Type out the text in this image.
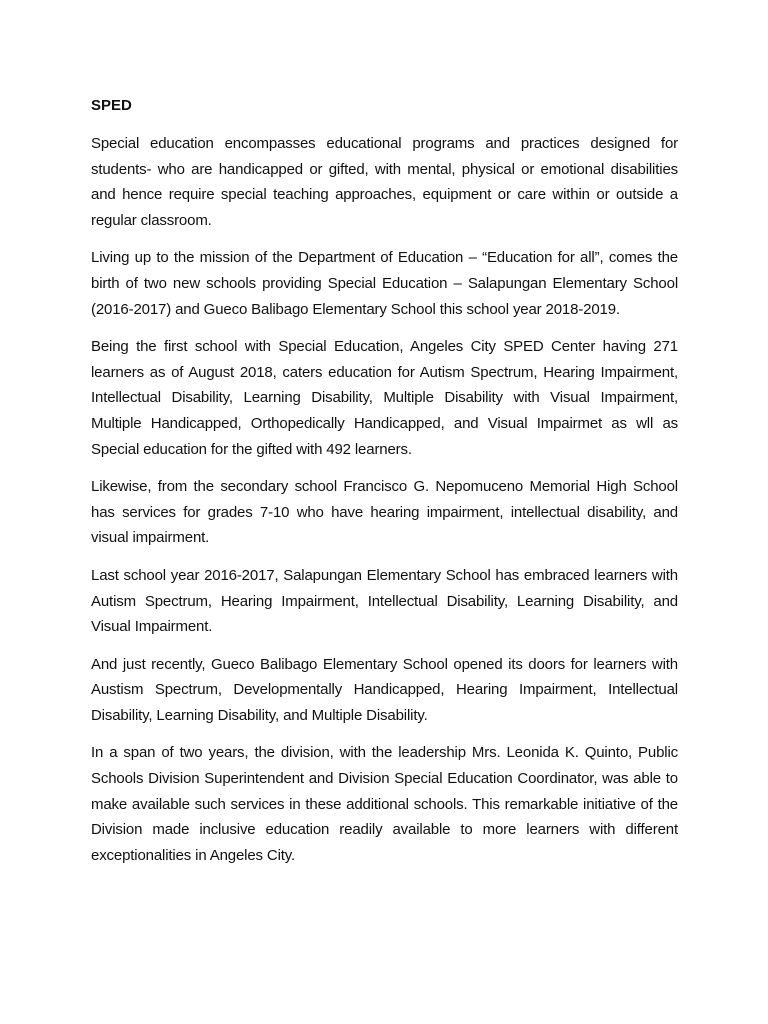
SPED

Special education encompasses educational programs and practices designed for students- who are handicapped or gifted, with mental, physical or emotional disabilities and hence require special teaching approaches, equipment or care within or outside a regular classroom.

Living up to the mission of the Department of Education – “Education for all”, comes the birth of two new schools providing Special Education – Salapungan Elementary School (2016-2017) and Gueco Balibago Elementary School this school year 2018-2019.

Being the first school with Special Education, Angeles City SPED Center having 271 learners as of August 2018, caters education for Autism Spectrum, Hearing Impairment, Intellectual Disability, Learning Disability, Multiple Disability with Visual Impairment, Multiple Handicapped, Orthopedically Handicapped, and Visual Impairmet as wll as Special education for the gifted with 492 learners.

Likewise, from the secondary school Francisco G. Nepomuceno Memorial High School has services for grades 7-10 who have hearing impairment, intellectual disability, and visual impairment.

Last school year 2016-2017, Salapungan Elementary School has embraced learners with Autism Spectrum, Hearing Impairment, Intellectual Disability, Learning Disability, and Visual Impairment.

And just recently, Gueco Balibago Elementary School opened its doors for learners with Austism Spectrum, Developmentally Handicapped, Hearing Impairment, Intellectual Disability, Learning Disability, and Multiple Disability.

In a span of two years, the division, with the leadership Mrs. Leonida K. Quinto, Public Schools Division Superintendent and Division Special Education Coordinator, was able to make available such services in these additional schools. This remarkable initiative of the Division made inclusive education readily available to more learners with different exceptionalities in Angeles City.
